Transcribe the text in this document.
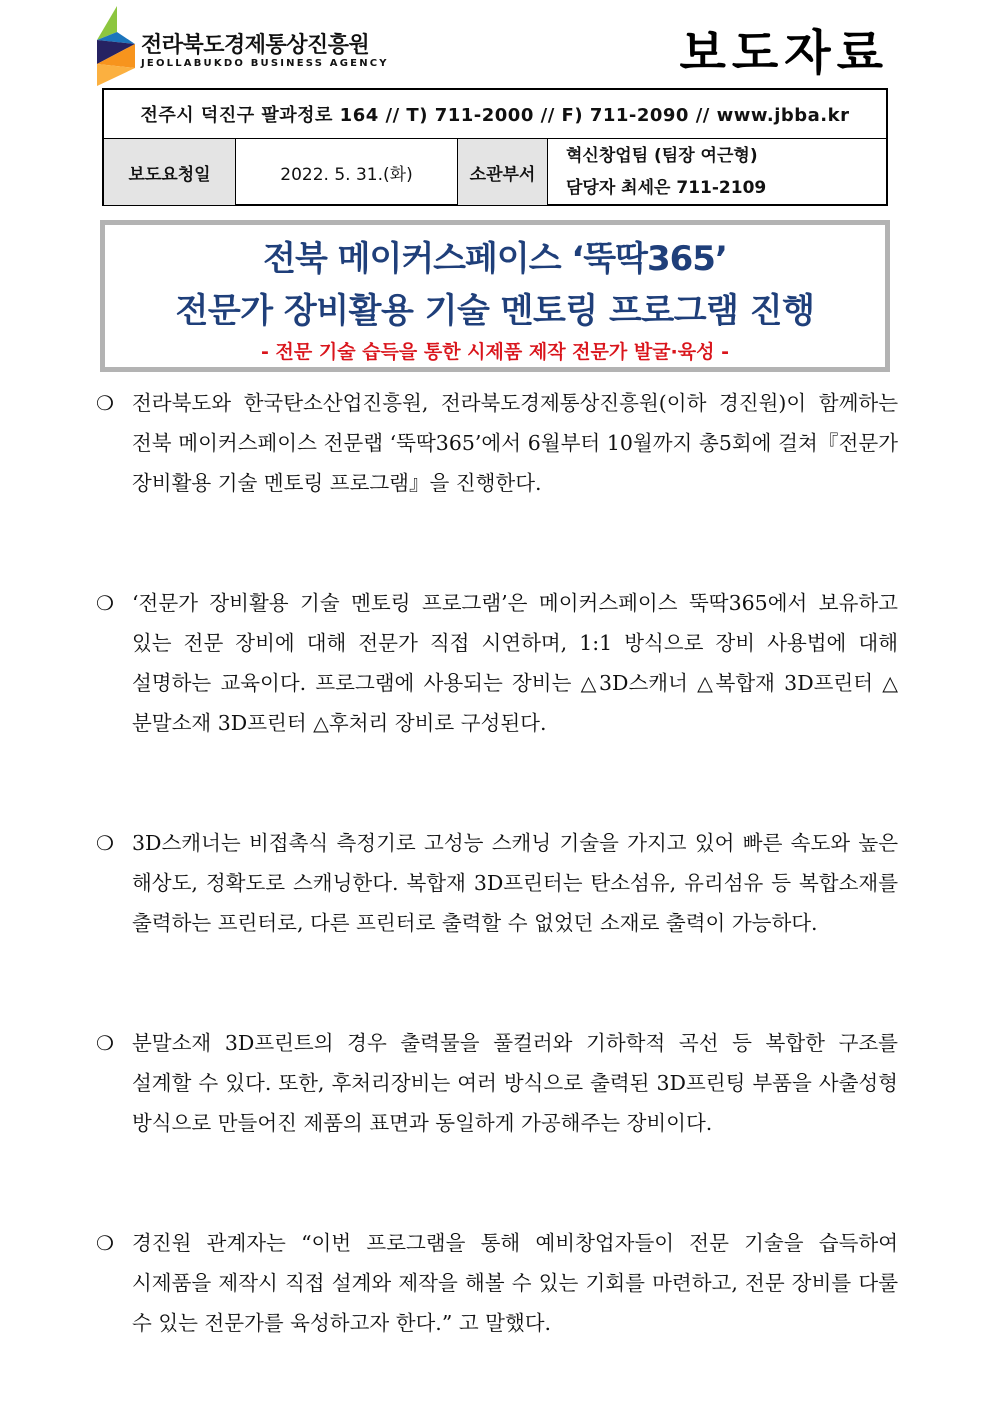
전라북도경제통상진흥원
JEOLLABUKDO BUSINESS AGENCY	보도자료
전주시 덕진구 팔과정로 164 // T) 711-2000 // F) 711-2090 // www.jbba.kr
보도요청일	2022. 5. 31.(화)	소관부서
혁신창업팀 (팀장 여근형)
담당자 최세은 711-2109
전북 메이커스페이스 ‘뚝딱365’
전문가 장비활용 기술 멘토링 프로그램 진행
- 전문 기술 습득을 통한 시제품 제작 전문가 발굴·육성 -
❍ 전라북도와 한국탄소산업진흥원, 전라북도경제통상진흥원(이하 경진원)이 함께하는 전북 메이커스페이스 전문랩 ‘뚝딱365’에서 6월부터 10월까지 총5회에 걸쳐『전문가 장비활용 기술 멘토링 프로그램』을 진행한다.
❍ ‘전문가 장비활용 기술 멘토링 프로그램’은 메이커스페이스 뚝딱365에서 보유하고 있는 전문 장비에 대해 전문가 직접 시연하며, 1:1 방식으로 장비 사용법에 대해 설명하는 교육이다. 프로그램에 사용되는 장비는 △3D스캐너 △복합재 3D프린터 △분말소재 3D프린터 △후처리 장비로 구성된다.
❍ 3D스캐너는 비접촉식 측정기로 고성능 스캐닝 기술을 가지고 있어 빠른 속도와 높은 해상도, 정확도로 스캐닝한다. 복합재 3D프린터는 탄소섬유, 유리섬유 등 복합소재를 출력하는 프린터로, 다른 프린터로 출력할 수 없었던 소재로 출력이 가능하다.
❍ 분말소재 3D프린트의 경우 출력물을 풀컬러와 기하학적 곡선 등 복합한 구조를 설계할 수 있다. 또한, 후처리장비는 여러 방식으로 출력된 3D프린팅 부품을 사출성형 방식으로 만들어진 제품의 표면과 동일하게 가공해주는 장비이다.
❍ 경진원 관계자는 “이번 프로그램을 통해 예비창업자들이 전문 기술을 습득하여 시제품을 제작시 직접 설계와 제작을 해볼 수 있는 기회를 마련하고, 전문 장비를 다룰 수 있는 전문가를 육성하고자 한다.” 고 말했다.
